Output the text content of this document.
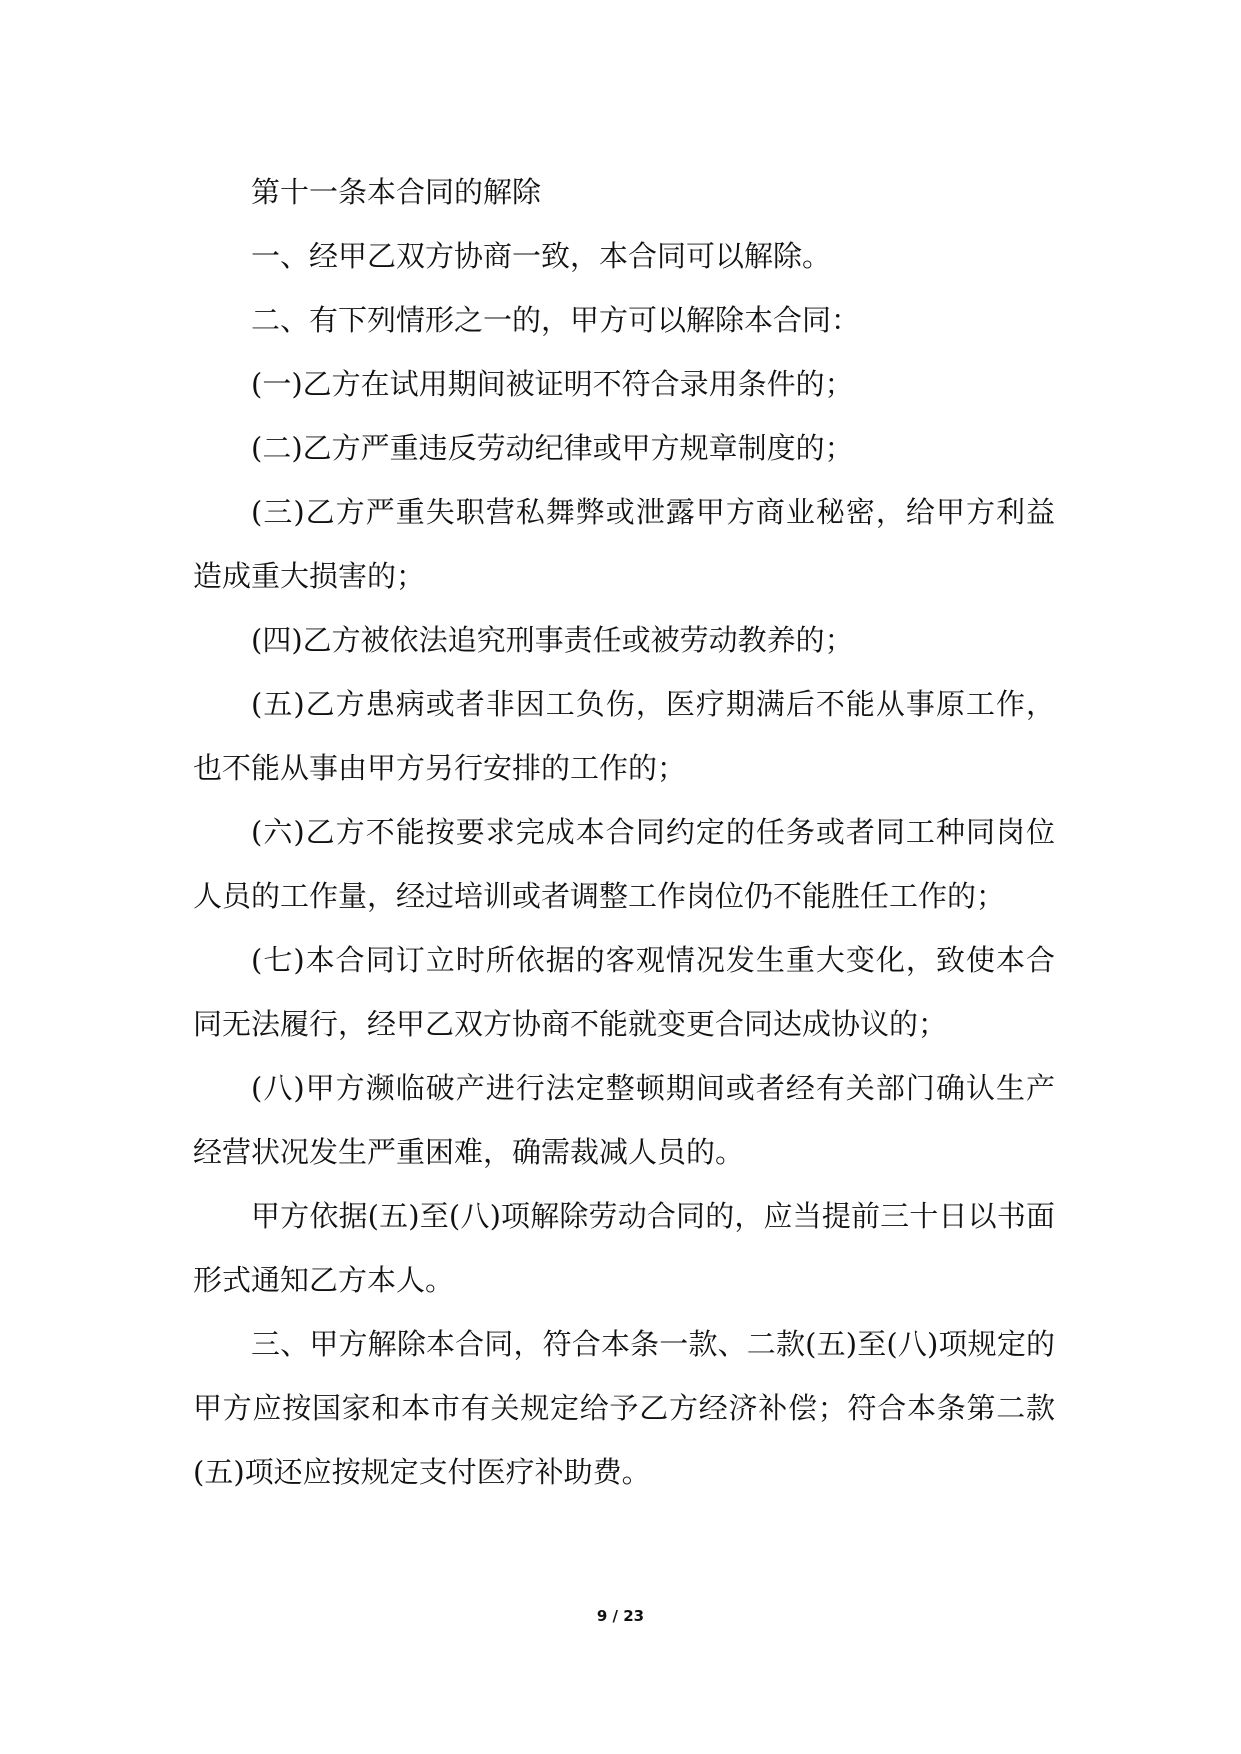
第十一条本合同的解除

一、经甲乙双方协商一致，本合同可以解除。

二、有下列情形之一的，甲方可以解除本合同：

(一)乙方在试用期间被证明不符合录用条件的；

(二)乙方严重违反劳动纪律或甲方规章制度的；

(三)乙方严重失职营私舞弊或泄露甲方商业秘密，给甲方利益造成重大损害的；

(四)乙方被依法追究刑事责任或被劳动教养的；

(五)乙方患病或者非因工负伤，医疗期满后不能从事原工作，也不能从事由甲方另行安排的工作的；

(六)乙方不能按要求完成本合同约定的任务或者同工种同岗位人员的工作量，经过培训或者调整工作岗位仍不能胜任工作的；

(七)本合同订立时所依据的客观情况发生重大变化，致使本合同无法履行，经甲乙双方协商不能就变更合同达成协议的；

(八)甲方濒临破产进行法定整顿期间或者经有关部门确认生产经营状况发生严重困难，确需裁减人员的。

甲方依据(五)至(八)项解除劳动合同的，应当提前三十日以书面形式通知乙方本人。

三、甲方解除本合同，符合本条一款、二款(五)至(八)项规定的甲方应按国家和本市有关规定给予乙方经济补偿；符合本条第二款(五)项还应按规定支付医疗补助费。

9 / 23
